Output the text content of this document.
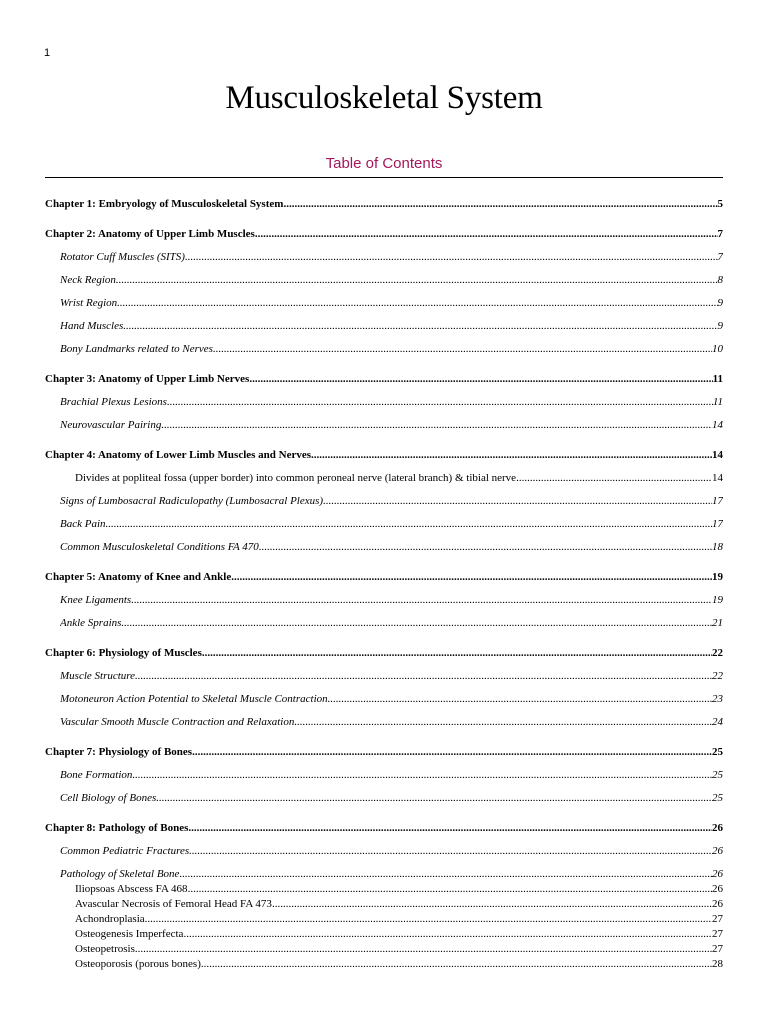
1
Musculoskeletal System
Table of Contents
Chapter 1: Embryology of Musculoskeletal System .....	5
Chapter 2: Anatomy of Upper Limb Muscles .....	7
Rotator Cuff Muscles (SITS) .....	7
Neck Region .....	8
Wrist Region .....	9
Hand Muscles .....	9
Bony Landmarks related to Nerves .....	10
Chapter 3: Anatomy of Upper Limb Nerves .....	11
Brachial Plexus Lesions .....	11
Neurovascular Pairing .....	14
Chapter 4: Anatomy of Lower Limb Muscles and Nerves .....	14
Divides at popliteal fossa (upper border) into common peroneal nerve (lateral branch) & tibial nerve .....	14
Signs of Lumbosacral Radiculopathy (Lumbosacral Plexus) .....	17
Back Pain .....	17
Common Musculoskeletal Conditions FA 470 .....	18
Chapter 5: Anatomy of Knee and Ankle .....	19
Knee Ligaments .....	19
Ankle Sprains .....	21
Chapter 6: Physiology of Muscles .....	22
Muscle Structure .....	22
Motoneuron Action Potential to Skeletal Muscle Contraction .....	23
Vascular Smooth Muscle Contraction and Relaxation .....	24
Chapter 7: Physiology of Bones .....	25
Bone Formation .....	25
Cell Biology of Bones .....	25
Chapter 8: Pathology of Bones .....	26
Common Pediatric Fractures .....	26
Pathology of Skeletal Bone .....	26
Iliopsoas Abscess FA 468 .....	26
Avascular Necrosis of Femoral Head FA 473 .....	26
Achondroplasia .....	27
Osteogenesis Imperfecta .....	27
Osteopetrosis .....	27
Osteoporosis (porous bones) .....	28
